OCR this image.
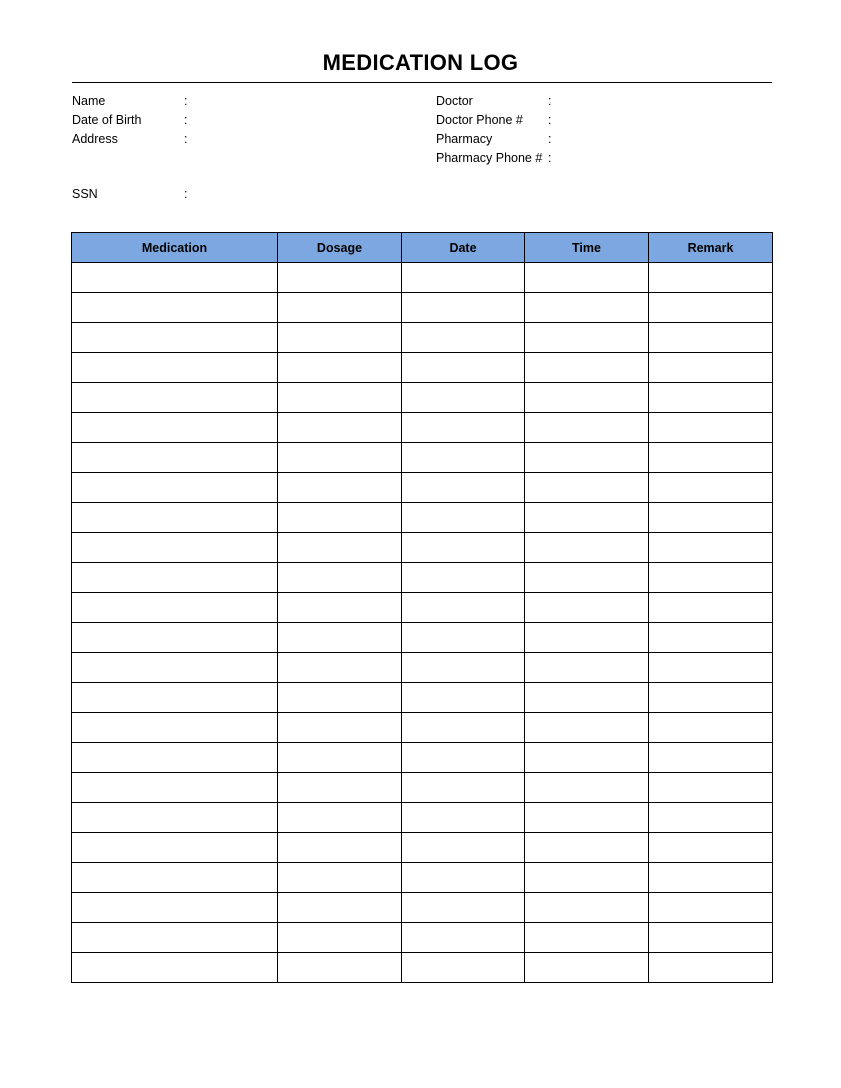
MEDICATION LOG
Name	:
Date of Birth	:
Address	:
SSN	:
Doctor	:
Doctor Phone #	:
Pharmacy	:
Pharmacy Phone # :
Medication	Dosage	Date	Time	Remark
